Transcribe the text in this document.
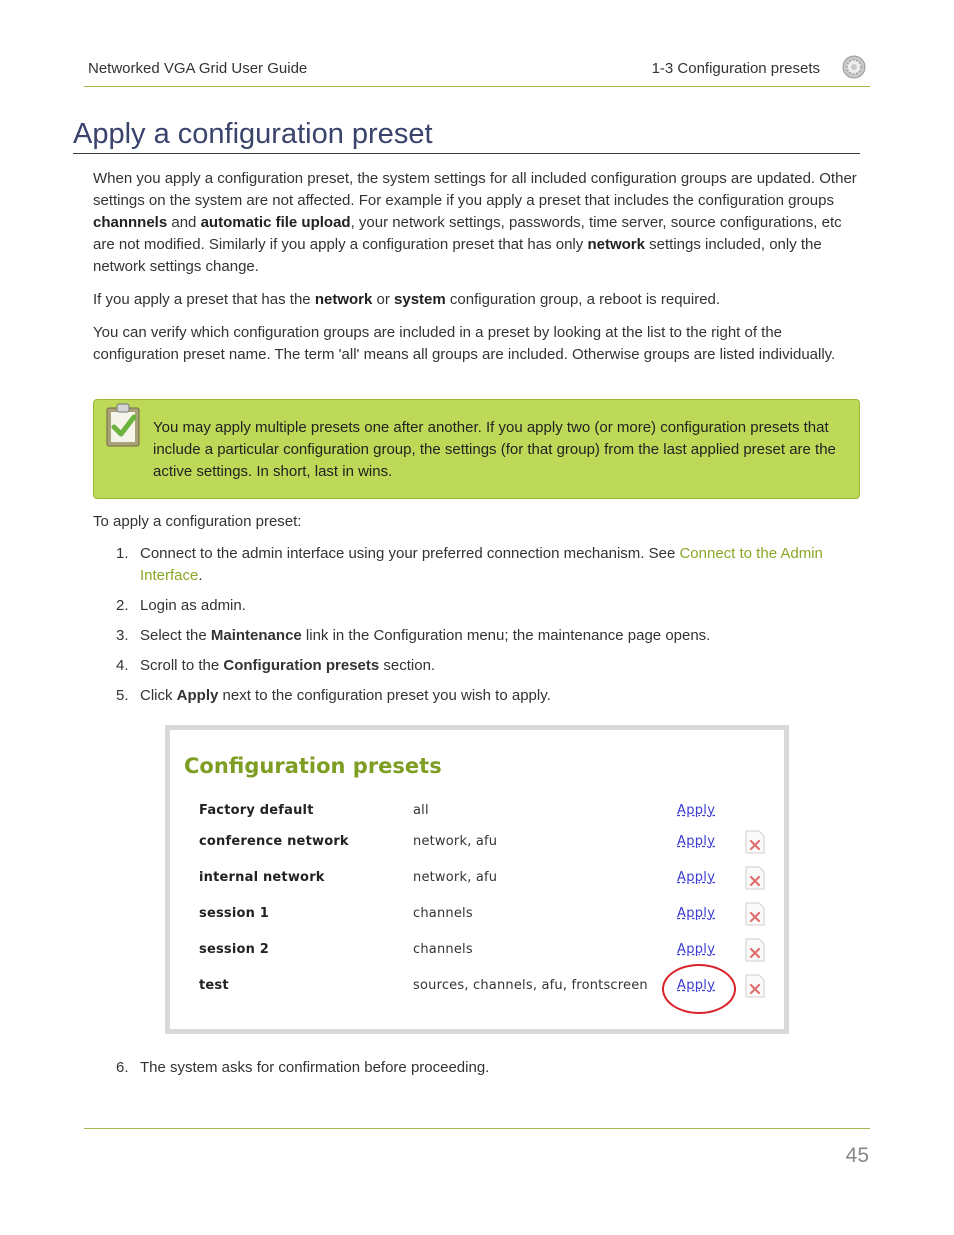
Networked VGA Grid User Guide	1-3 Configuration presets
Apply a configuration preset

When you apply a configuration preset, the system settings for all included configuration groups are updated. Other settings on the system are not affected. For example if you apply a preset that includes the configuration groups channnels and automatic file upload, your network settings, passwords, time server, source configurations, etc are not modified. Similarly if you apply a configuration preset that has only network settings included, only the network settings change.

If you apply a preset that has the network or system configuration group, a reboot is required.

You can verify which configuration groups are included in a preset by looking at the list to the right of the configuration preset name. The term 'all' means all groups are included. Otherwise groups are listed individually.

You may apply multiple presets one after another. If you apply two (or more) configuration presets that include a particular configuration group, the settings (for that group) from the last applied preset are the active settings. In short, last in wins.

To apply a configuration preset:

1. Connect to the admin interface using your preferred connection mechanism. See Connect to the Admin Interface.
2. Login as admin.
3. Select the Maintenance link in the Configuration menu; the maintenance page opens.
4. Scroll to the Configuration presets section.
5. Click Apply next to the configuration preset you wish to apply.
Configuration presets
Factory default	all	Apply
conference network	network, afu	Apply
internal network	network, afu	Apply
session 1	channels	Apply
session 2	channels	Apply
test	sources, channels, afu, frontscreen Apply
6. The system asks for confirmation before proceeding.
45
